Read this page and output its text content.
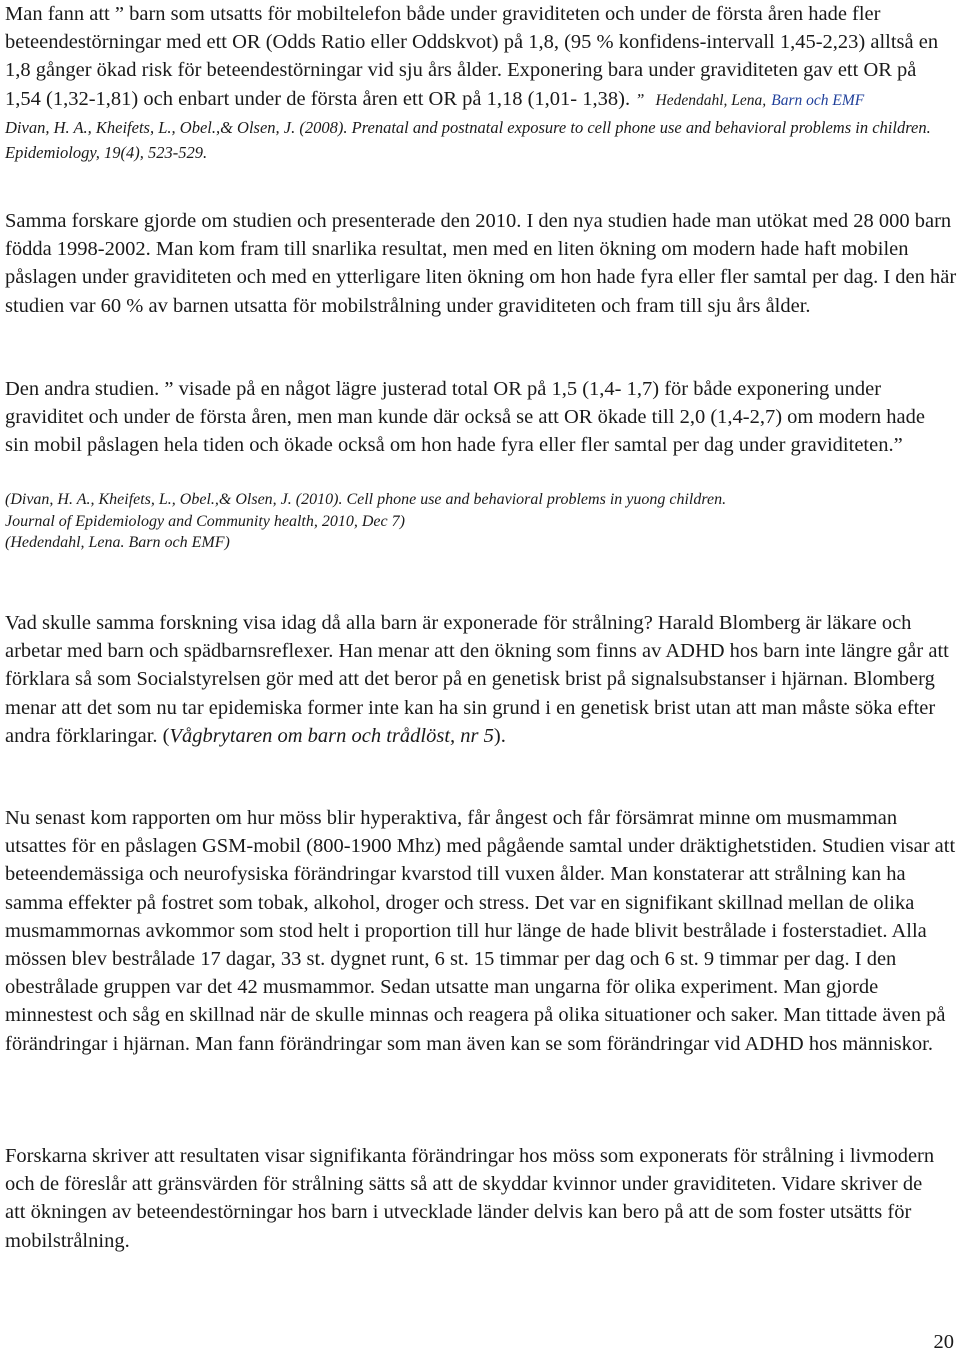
Man fann att ” barn som utsatts för mobiltelefon både under graviditeten och under de första åren hade fler beteendestörningar med ett OR (Odds Ratio eller Oddskvot) på 1,8, (95 % konfidens-intervall 1,45-2,23) alltså en 1,8 gånger ökad risk för beteendestörningar vid sju års ålder. Exponering bara under graviditeten gav ett OR på 1,54 (1,32-1,81) och enbart under de första åren ett OR på 1,18 (1,01- 1,38). ” Hedendahl, Lena, Barn och EMF
Divan, H. A., Kheifets, L., Obel.,& Olsen, J. (2008). Prenatal and postnatal exposure to cell phone use and behavioral problems in children. Epidemiology, 19(4), 523-529.

Samma forskare gjorde om studien och presenterade den 2010. I den nya studien hade man utökat med 28 000 barn födda 1998-2002. Man kom fram till snarlika resultat, men med en liten ökning om modern hade haft mobilen påslagen under graviditeten och med en ytterligare liten ökning om hon hade fyra eller fler samtal per dag. I den här studien var 60 % av barnen utsatta för mobilstrålning under graviditeten och fram till sju års ålder.

Den andra studien. ” visade på en något lägre justerad total OR på 1,5 (1,4- 1,7) för både exponering under graviditet och under de första åren, men man kunde där också se att OR ökade till 2,0 (1,4-2,7) om modern hade sin mobil påslagen hela tiden och ökade också om hon hade fyra eller fler samtal per dag under graviditeten.”

(Divan, H. A., Kheifets, L., Obel.,& Olsen, J. (2010). Cell phone use and behavioral problems in yuong children.
Journal of Epidemiology and Community health, 2010, Dec 7)
(Hedendahl, Lena. Barn och EMF)

Vad skulle samma forskning visa idag då alla barn är exponerade för strålning? Harald Blomberg är läkare och arbetar med barn och spädbarnsreflexer. Han menar att den ökning som finns av ADHD hos barn inte längre går att förklara så som Socialstyrelsen gör med att det beror på en genetisk brist på signalsubstanser i hjärnan. Blomberg menar att det som nu tar epidemiska former inte kan ha sin grund i en genetisk brist utan att man måste söka efter andra förklaringar. (Vågbrytaren om barn och trådlöst, nr 5).

Nu senast kom rapporten om hur möss blir hyperaktiva, får ångest och får försämrat minne om musmamman utsattes för en påslagen GSM-mobil (800-1900 Mhz) med pågående samtal under dräktighetstiden. Studien visar att beteendemässiga och neurofysiska förändringar kvarstod till vuxen ålder. Man konstaterar att strålning kan ha samma effekter på fostret som tobak, alkohol, droger och stress. Det var en signifikant skillnad mellan de olika musmammornas avkommor som stod helt i proportion till hur länge de hade blivit bestrålade i fosterstadiet. Alla mössen blev bestrålade 17 dagar, 33 st. dygnet runt, 6 st. 15 timmar per dag och 6 st. 9 timmar per dag. I den obestrålade gruppen var det 42 musmammor. Sedan utsatte man ungarna för olika experiment. Man gjorde minnestest och såg en skillnad när de skulle minnas och reagera på olika situationer och saker. Man tittade även på förändringar i hjärnan. Man fann förändringar som man även kan se som förändringar vid ADHD hos människor.

Forskarna skriver att resultaten visar signifikanta förändringar hos möss som exponerats för strålning i livmodern och de föreslår att gränsvärden för strålning sätts så att de skyddar kvinnor under graviditeten. Vidare skriver de att ökningen av beteendestörningar hos barn i utvecklade länder delvis kan bero på att de som foster utsätts för mobilstrålning.

20
